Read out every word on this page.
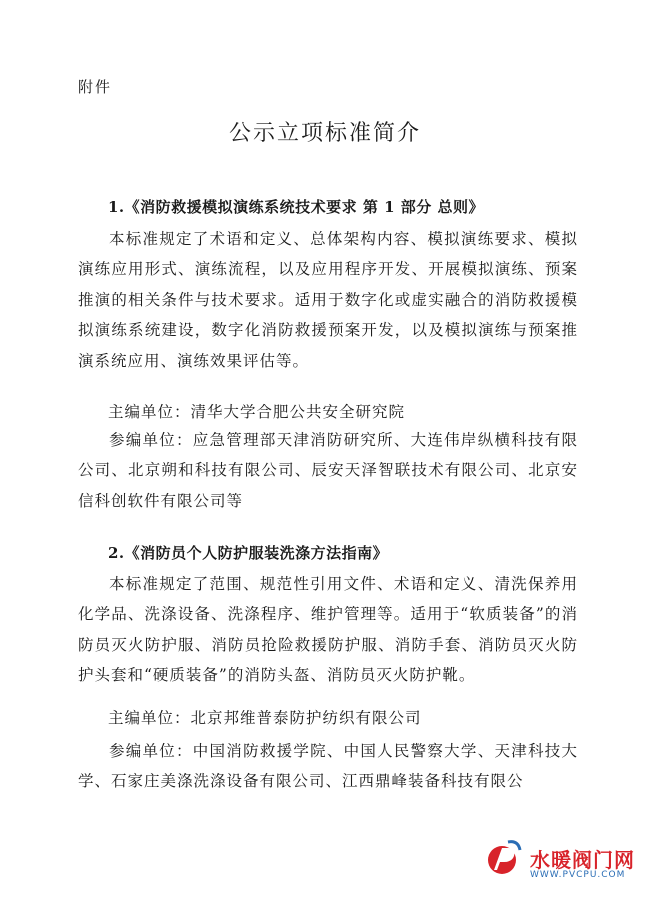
附件
公示立项标准简介
1.《消防救援模拟演练系统技术要求 第 1 部分 总则》

本标准规定了术语和定义、总体架构内容、模拟演练要求、模拟演练应用形式、演练流程，以及应用程序开发、开展模拟演练、预案推演的相关条件与技术要求。适用于数字化或虚实融合的消防救援模拟演练系统建设，数字化消防救援预案开发，以及模拟演练与预案推演系统应用、演练效果评估等。

主编单位：清华大学合肥公共安全研究院

参编单位：应急管理部天津消防研究所、大连伟岸纵横科技有限公司、北京朔和科技有限公司、辰安天泽智联技术有限公司、北京安信科创软件有限公司等

2.《消防员个人防护服装洗涤方法指南》

本标准规定了范围、规范性引用文件、术语和定义、清洗保养用化学品、洗涤设备、洗涤程序、维护管理等。适用于“软质装备”的消防员灭火防护服、消防员抢险救援防护服、消防手套、消防员灭火防护头套和“硬质装备”的消防头盔、消防员灭火防护靴。

主编单位：北京邦维普泰防护纺织有限公司

参编单位：中国消防救援学院、中国人民警察大学、天津科技大学、石家庄美涤洗涤设备有限公司、江西鼎峰装备科技有限公

水暖阀门网
WWW.PVCPU.COM
